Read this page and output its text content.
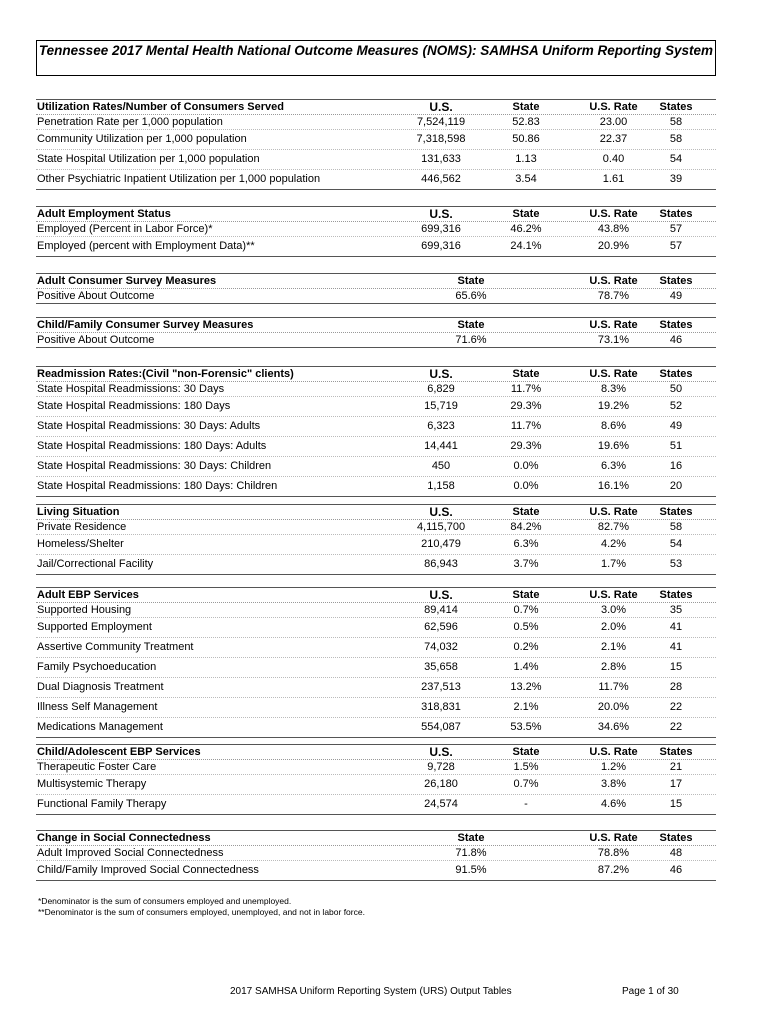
Tennessee 2017 Mental Health National Outcome Measures (NOMS): SAMHSA Uniform Reporting System
Utilization Rates/Number of Consumers Served	U.S.	State	U.S. Rate	States
Penetration Rate per 1,000 population	7,524,119	52.83	23.00	58
Community Utilization per 1,000 population	7,318,598	50.86	22.37	58
State Hospital Utilization per 1,000 population	131,633	1.13	0.40	54
Other Psychiatric Inpatient Utilization per 1,000 population	446,562	3.54	1.61	39
Adult Employment Status	U.S.	State	U.S. Rate	States
Employed (Percent in Labor Force)*	699,316	46.2%	43.8%	57
Employed (percent with Employment Data)**	699,316	24.1%	20.9%	57
Adult Consumer Survey Measures	State	U.S. Rate	States
Positive About Outcome	65.6%	78.7%	49
Child/Family Consumer Survey Measures	State	U.S. Rate	States
Positive About Outcome	71.6%	73.1%	46
Readmission Rates:(Civil "non-Forensic" clients)	U.S.	State	U.S. Rate	States
State Hospital Readmissions: 30 Days	6,829	11.7%	8.3%	50
State Hospital Readmissions: 180 Days	15,719	29.3%	19.2%	52
State Hospital Readmissions: 30 Days: Adults	6,323	11.7%	8.6%	49
State Hospital Readmissions: 180 Days: Adults	14,441	29.3%	19.6%	51
State Hospital Readmissions: 30 Days: Children	450	0.0%	6.3%	16
State Hospital Readmissions: 180 Days: Children	1,158	0.0%	16.1%	20
Living Situation	U.S.	State	U.S. Rate	States
Private Residence	4,115,700	84.2%	82.7%	58
Homeless/Shelter	210,479	6.3%	4.2%	54
Jail/Correctional Facility	86,943	3.7%	1.7%	53
Adult EBP Services	U.S.	State	U.S. Rate	States
Supported Housing	89,414	0.7%	3.0%	35
Supported Employment	62,596	0.5%	2.0%	41
Assertive Community Treatment	74,032	0.2%	2.1%	41
Family Psychoeducation	35,658	1.4%	2.8%	15
Dual Diagnosis Treatment	237,513	13.2%	11.7%	28
Illness Self Management	318,831	2.1%	20.0%	22
Medications Management	554,087	53.5%	34.6%	22
Child/Adolescent EBP Services	U.S.	State	U.S. Rate	States
Therapeutic Foster Care	9,728	1.5%	1.2%	21
Multisystemic Therapy	26,180	0.7%	3.8%	17
Functional Family Therapy	24,574	-	4.6%	15
Change in Social Connectedness	State	U.S. Rate	States
Adult Improved Social Connectedness	71.8%	78.8%	48
Child/Family Improved Social Connectedness	91.5%	87.2%	46
*Denominator is the sum of consumers employed and unemployed.
**Denominator is the sum of consumers employed, unemployed, and not in labor force.
2017 SAMHSA Uniform Reporting System (URS) Output Tables	Page 1 of 30
